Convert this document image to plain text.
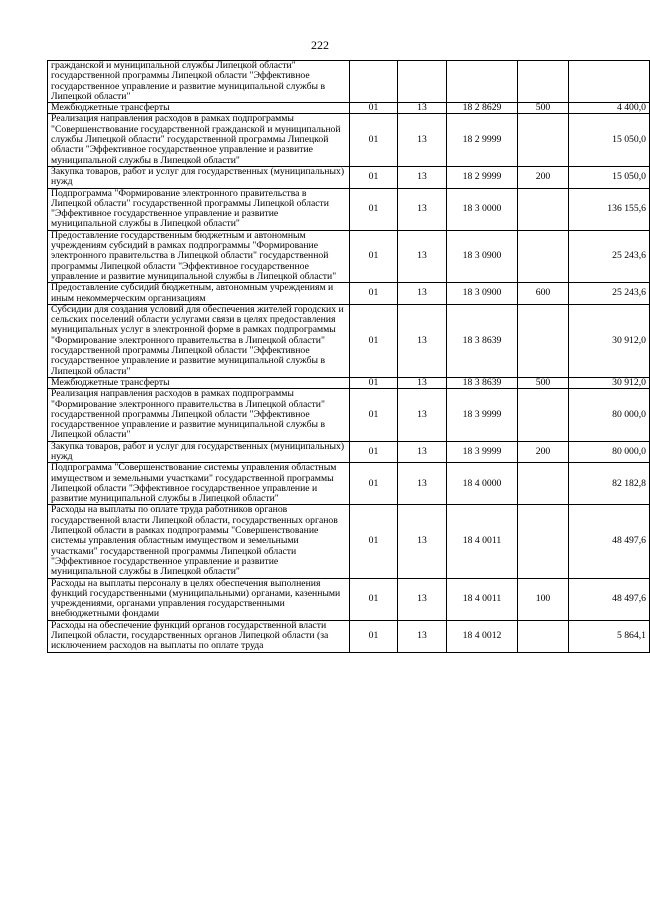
222
гражданской и муниципальной службы Липецкой области" государственной программы Липецкой области "Эффективное государственное управление и развитие муниципальной службы в Липецкой области"					
Межбюджетные трансферты	01	13	18 2 8629	500	4 400,0
Реализация направления расходов в рамках подпрограммы "Совершенствование государственной гражданской и муниципальной службы Липецкой области" государственной программы Липецкой области "Эффективное государственное управление и развитие муниципальной службы в Липецкой области"	01	13	18 2 9999		15 050,0
Закупка товаров, работ и услуг для государственных (муниципальных) нужд	01	13	18 2 9999	200	15 050,0
Подпрограмма "Формирование электронного правительства в Липецкой области" государственной программы Липецкой области "Эффективное государственное управление и развитие муниципальной службы в Липецкой области"	01	13	18 3 0000		136 155,6
Предоставление государственным бюджетным и автономным учреждениям субсидий в рамках подпрограммы "Формирование электронного правительства в Липецкой области" государственной программы Липецкой области "Эффективное государственное управление и развитие муниципальной службы в Липецкой области"	01	13	18 3 0900		25 243,6
Предоставление субсидий бюджетным, автономным учреждениям и иным некоммерческим организациям	01	13	18 3 0900	600	25 243,6
Субсидии для создания условий для обеспечения жителей городских и сельских поселений области услугами связи в целях предоставления муниципальных услуг в электронной форме в рамках подпрограммы "Формирование электронного правительства в Липецкой области" государственной программы Липецкой области "Эффективное государственное управление и развитие муниципальной службы в Липецкой области"	01	13	18 3 8639		30 912,0
Межбюджетные трансферты	01	13	18 3 8639	500	30 912,0
Реализация направления расходов в рамках подпрограммы "Формирование электронного правительства в Липецкой области" государственной программы Липецкой области "Эффективное государственное управление и развитие муниципальной службы в Липецкой области"	01	13	18 3 9999		80 000,0
Закупка товаров, работ и услуг для государственных (муниципальных) нужд	01	13	18 3 9999	200	80 000,0
Подпрограмма "Совершенствование системы управления областным имуществом и земельными участками" государственной программы Липецкой области "Эффективное государственное управление и развитие муниципальной службы в Липецкой области"	01	13	18 4 0000		82 182,8
Расходы на выплаты по оплате труда работников органов государственной власти Липецкой области, государственных органов Липецкой области в рамках подпрограммы "Совершенствование системы управления областным имуществом и земельными участками" государственной программы Липецкой области "Эффективное государственное управление и развитие муниципальной службы в Липецкой области"	01	13	18 4 0011		48 497,6
Расходы на выплаты персоналу в целях обеспечения выполнения функций государственными (муниципальными) органами, казенными учреждениями, органами управления государственными внебюджетными фондами	01	13	18 4 0011	100	48 497,6
Расходы на обеспечение функций органов государственной власти Липецкой области, государственных органов Липецкой области (за исключением расходов на выплаты по оплате труда	01	13	18 4 0012		5 864,1
